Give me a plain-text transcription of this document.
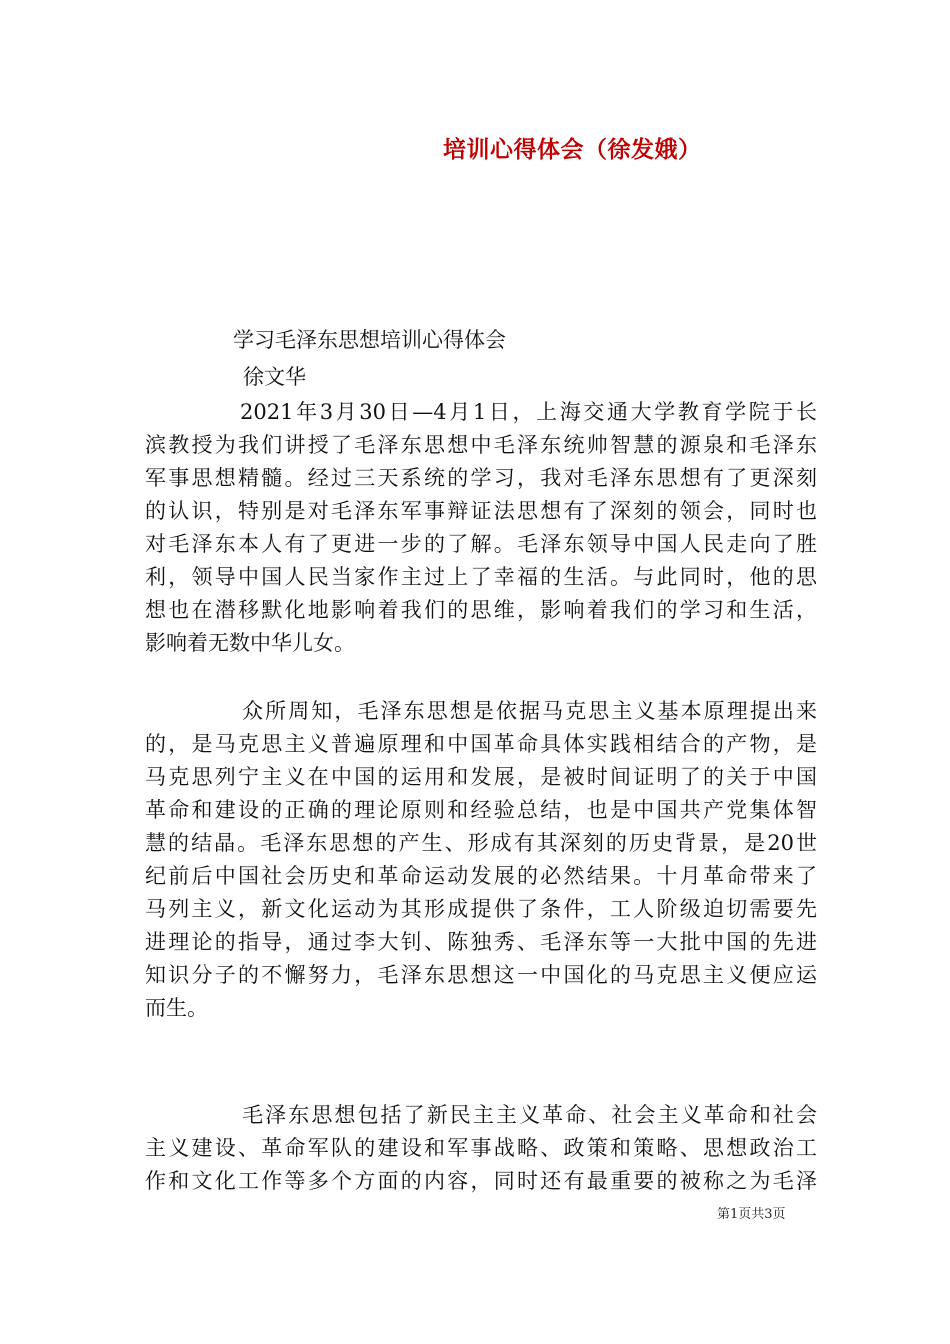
培训心得体会（徐发娥）
学习毛泽东思想培训心得体会
徐文华
2021年3月30日—4月1日，上海交通大学教育学院于长
滨教授为我们讲授了毛泽东思想中毛泽东统帅智慧的源泉和毛泽东
军事思想精髓。经过三天系统的学习，我对毛泽东思想有了更深刻
的认识，特别是对毛泽东军事辩证法思想有了深刻的领会，同时也
对毛泽东本人有了更进一步的了解。毛泽东领导中国人民走向了胜
利，领导中国人民当家作主过上了幸福的生活。与此同时，他的思
想也在潜移默化地影响着我们的思维，影响着我们的学习和生活，
影响着无数中华儿女。
众所周知，毛泽东思想是依据马克思主义基本原理提出来
的，是马克思主义普遍原理和中国革命具体实践相结合的产物，是
马克思列宁主义在中国的运用和发展，是被时间证明了的关于中国
革命和建设的正确的理论原则和经验总结，也是中国共产党集体智
慧的结晶。毛泽东思想的产生、形成有其深刻的历史背景，是20世
纪前后中国社会历史和革命运动发展的必然结果。十月革命带来了
马列主义，新文化运动为其形成提供了条件，工人阶级迫切需要先
进理论的指导，通过李大钊、陈独秀、毛泽东等一大批中国的先进
知识分子的不懈努力，毛泽东思想这一中国化的马克思主义便应运
而生。
毛泽东思想包括了新民主主义革命、社会主义革命和社会
主义建设、革命军队的建设和军事战略、政策和策略、思想政治工
作和文化工作等多个方面的内容，同时还有最重要的被称之为毛泽
第1页共3页
